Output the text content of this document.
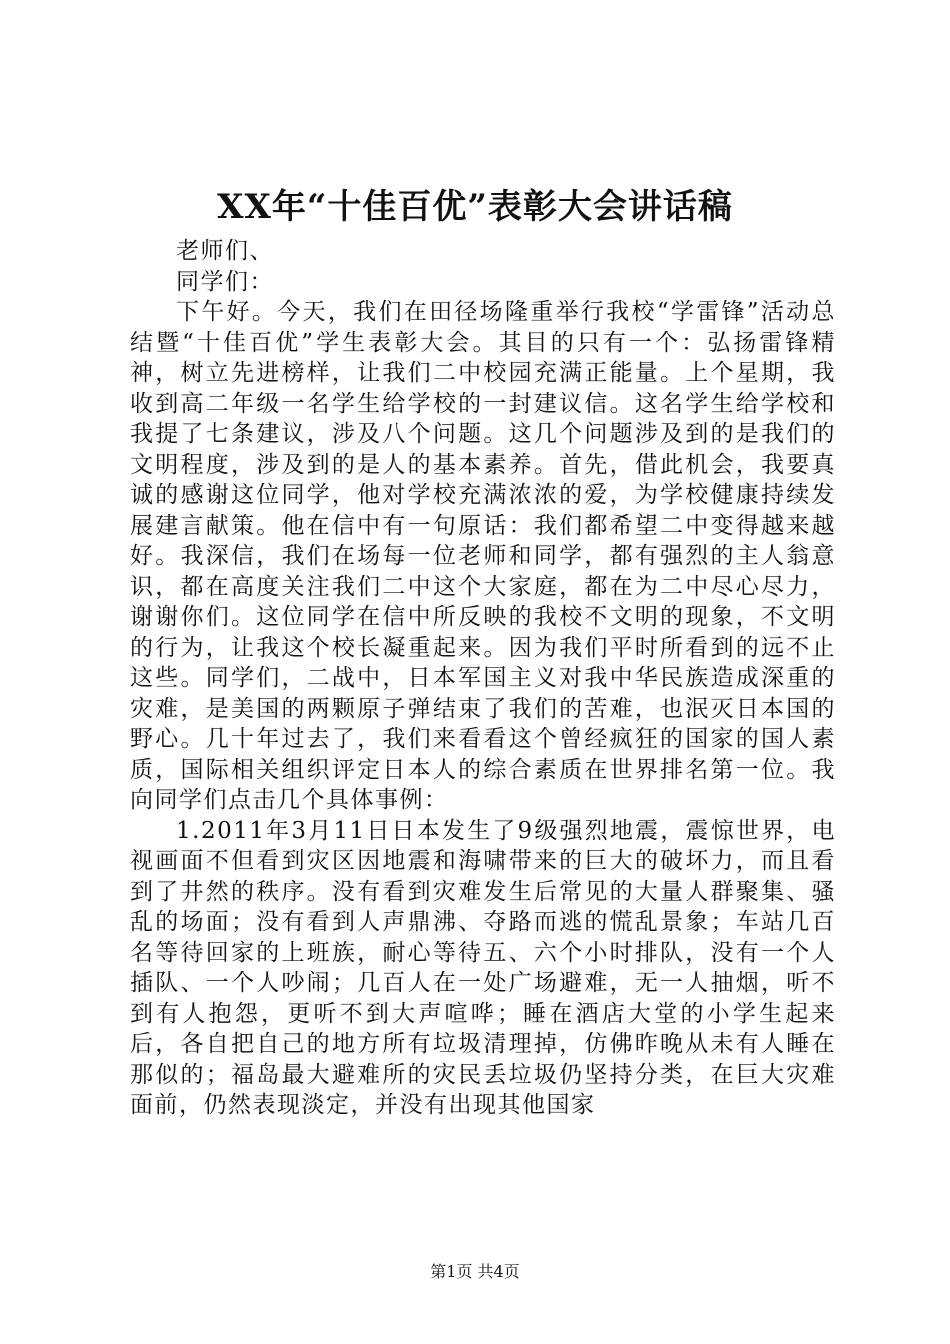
XX年“十佳百优”表彰大会讲话稿

老师们、

同学们：

下午好。今天，我们在田径场隆重举行我校“学雷锋”活动总结暨“十佳百优”学生表彰大会。其目的只有一个：弘扬雷锋精神，树立先进榜样，让我们二中校园充满正能量。上个星期，我收到高二年级一名学生给学校的一封建议信。这名学生给学校和我提了七条建议，涉及八个问题。这几个问题涉及到的是我们的文明程度，涉及到的是人的基本素养。首先，借此机会，我要真诚的感谢这位同学，他对学校充满浓浓的爱，为学校健康持续发展建言献策。他在信中有一句原话：我们都希望二中变得越来越好。我深信，我们在场每一位老师和同学，都有强烈的主人翁意识，都在高度关注我们二中这个大家庭，都在为二中尽心尽力，谢谢你们。这位同学在信中所反映的我校不文明的现象，不文明的行为，让我这个校长凝重起来。因为我们平时所看到的远不止这些。同学们，二战中，日本军国主义对我中华民族造成深重的灾难，是美国的两颗原子弹结束了我们的苦难，也泯灭日本国的野心。几十年过去了，我们来看看这个曾经疯狂的国家的国人素质，国际相关组织评定日本人的综合素质在世界排名第一位。我向同学们点击几个具体事例：

1.2011年3月11日日本发生了9级强烈地震，震惊世界，电视画面不但看到灾区因地震和海啸带来的巨大的破坏力，而且看到了井然的秩序。没有看到灾难发生后常见的大量人群聚集、骚乱的场面；没有看到人声鼎沸、夺路而逃的慌乱景象；车站几百名等待回家的上班族，耐心等待五、六个小时排队，没有一个人插队、一个人吵闹；几百人在一处广场避难，无一人抽烟，听不到有人抱怨，更听不到大声喧哗；睡在酒店大堂的小学生起来后，各自把自己的地方所有垃圾清理掉，仿佛昨晚从未有人睡在那似的；福岛最大避难所的灾民丢垃圾仍坚持分类，在巨大灾难面前，仍然表现淡定，并没有出现其他国家

第1页 共4页
